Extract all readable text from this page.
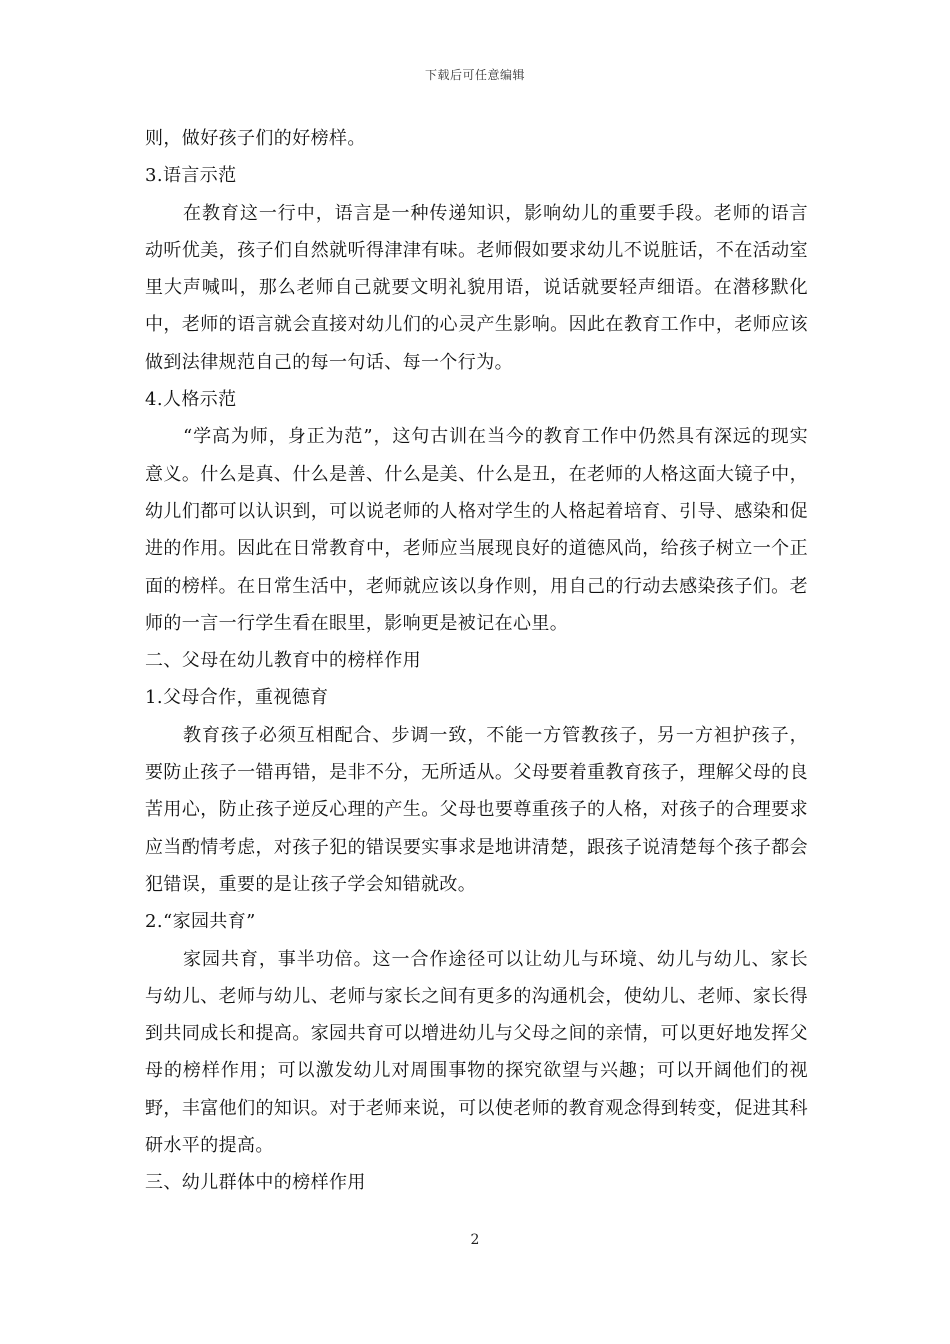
下载后可任意编辑

则，做好孩子们的好榜样。

3.语言示范

在教育这一行中，语言是一种传递知识，影响幼儿的重要手段。老师的语言动听优美，孩子们自然就听得津津有味。老师假如要求幼儿不说脏话，不在活动室里大声喊叫，那么老师自己就要文明礼貌用语，说话就要轻声细语。在潜移默化中，老师的语言就会直接对幼儿们的心灵产生影响。因此在教育工作中，老师应该做到法律规范自己的每一句话、每一个行为。

4.人格示范

“学高为师，身正为范”，这句古训在当今的教育工作中仍然具有深远的现实意义。什么是真、什么是善、什么是美、什么是丑，在老师的人格这面大镜子中，幼儿们都可以认识到，可以说老师的人格对学生的人格起着培育、引导、感染和促进的作用。因此在日常教育中，老师应当展现良好的道德风尚，给孩子树立一个正面的榜样。在日常生活中，老师就应该以身作则，用自己的行动去感染孩子们。老师的一言一行学生看在眼里，影响更是被记在心里。

二、父母在幼儿教育中的榜样作用

1.父母合作，重视德育

教育孩子必须互相配合、步调一致，不能一方管教孩子，另一方袒护孩子，要防止孩子一错再错，是非不分，无所适从。父母要着重教育孩子，理解父母的良苦用心，防止孩子逆反心理的产生。父母也要尊重孩子的人格，对孩子的合理要求应当酌情考虑，对孩子犯的错误要实事求是地讲清楚，跟孩子说清楚每个孩子都会犯错误，重要的是让孩子学会知错就改。

2.“家园共育”

家园共育，事半功倍。这一合作途径可以让幼儿与环境、幼儿与幼儿、家长与幼儿、老师与幼儿、老师与家长之间有更多的沟通机会，使幼儿、老师、家长得到共同成长和提高。家园共育可以增进幼儿与父母之间的亲情，可以更好地发挥父母的榜样作用；可以激发幼儿对周围事物的探究欲望与兴趣；可以开阔他们的视野，丰富他们的知识。对于老师来说，可以使老师的教育观念得到转变，促进其科研水平的提高。

三、幼儿群体中的榜样作用

2
